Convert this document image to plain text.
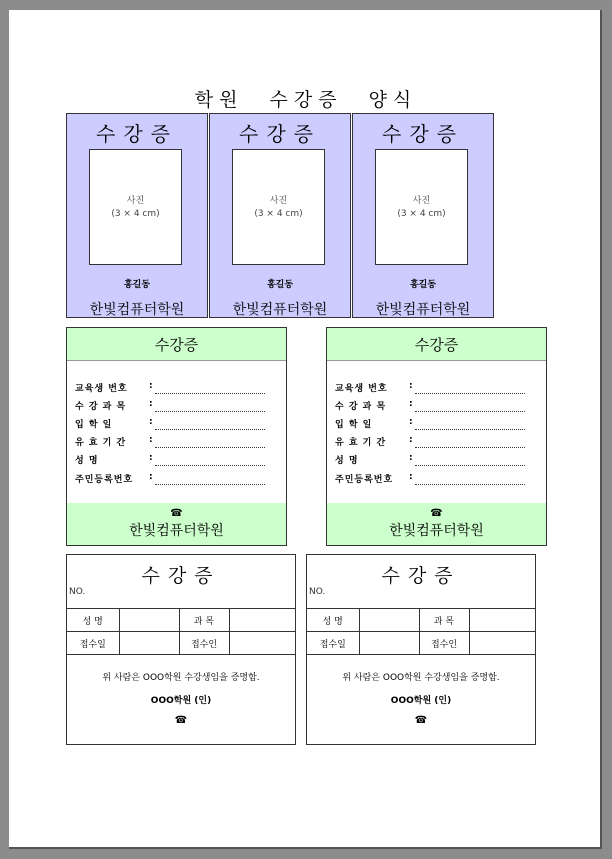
학원 수강증 양식
수강증
사진
(3 × 4 cm)
홍길동
한빛컴퓨터학원
수강증
사진
(3 × 4 cm)
홍길동
한빛컴퓨터학원
수강증
사진
(3 × 4 cm)
홍길동
한빛컴퓨터학원
수강증
교육생 번호	:
수 강 과 목	:
입 학 일	:
유 효 기 간	:
성 명	:
주민등록번호	:
☎
한빛컴퓨터학원
수강증
교육생 번호	:
수 강 과 목	:
입 학 일	:
유 효 기 간	:
성 명	:
주민등록번호	:
☎
한빛컴퓨터학원
수강증
NO.
성 명		과 목	
접수일		접수인	
위 사람은 OOO학원 수강생임을 증명함.
OOO학원 (인)
☎
수강증
NO.
성 명		과 목	
접수일		접수인	
위 사람은 OOO학원 수강생임을 증명함.
OOO학원 (인)
☎
